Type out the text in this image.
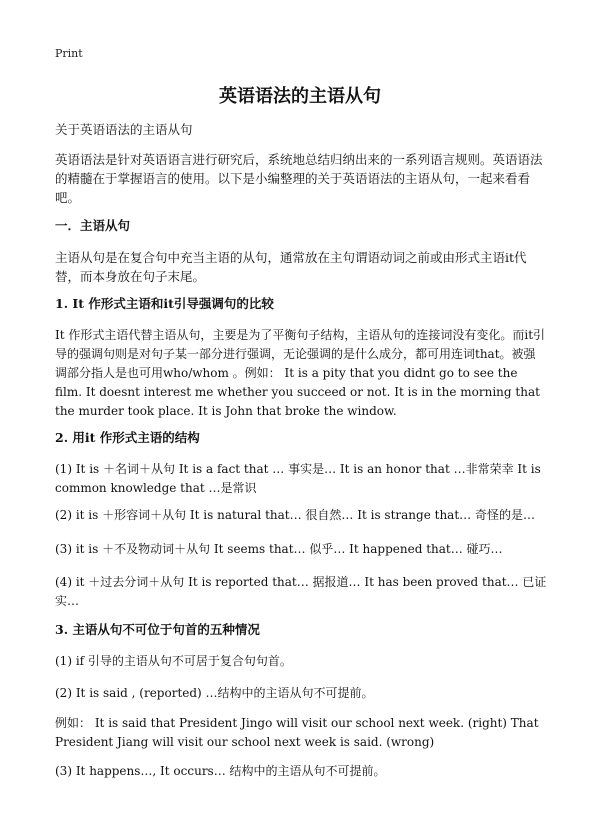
Print
英语语法的主语从句

关于英语语法的主语从句

英语语法是针对英语语言进行研究后，系统地总结归纳出来的一系列语言规则。英语语法的精髓在于掌握语言的使用。以下是小编整理的关于英语语法的主语从句，一起来看看吧。

一．主语从句

主语从句是在复合句中充当主语的从句，通常放在主句谓语动词之前或由形式主语it代替，而本身放在句子末尾。

1. It 作形式主语和it引导强调句的比较

It 作形式主语代替主语从句，主要是为了平衡句子结构，主语从句的连接词没有变化。而it引导的强调句则是对句子某一部分进行强调，无论强调的是什么成分，都可用连词that。被强调部分指人是也可用who/whom 。例如： It is a pity that you didnt go to see the film. It doesnt interest me whether you succeed or not. It is in the morning that the murder took place. It is John that broke the window.

2. 用it 作形式主语的结构

(1) It is ＋名词＋从句 It is a fact that … 事实是… It is an honor that …非常荣幸 It is common knowledge that …是常识

(2) it is ＋形容词＋从句 It is natural that… 很自然… It is strange that… 奇怪的是…

(3) it is ＋不及物动词＋从句 It seems that… 似乎… It happened that… 碰巧…

(4) it ＋过去分词＋从句 It is reported that… 据报道… It has been proved that… 已证实…

3. 主语从句不可位于句首的五种情况

(1) if 引导的主语从句不可居于复合句句首。

(2) It is said , (reported) …结构中的主语从句不可提前。

例如： It is said that President Jingo will visit our school next week. (right) That President Jiang will visit our school next week is said. (wrong)

(3) It happens…, It occurs… 结构中的主语从句不可提前。
